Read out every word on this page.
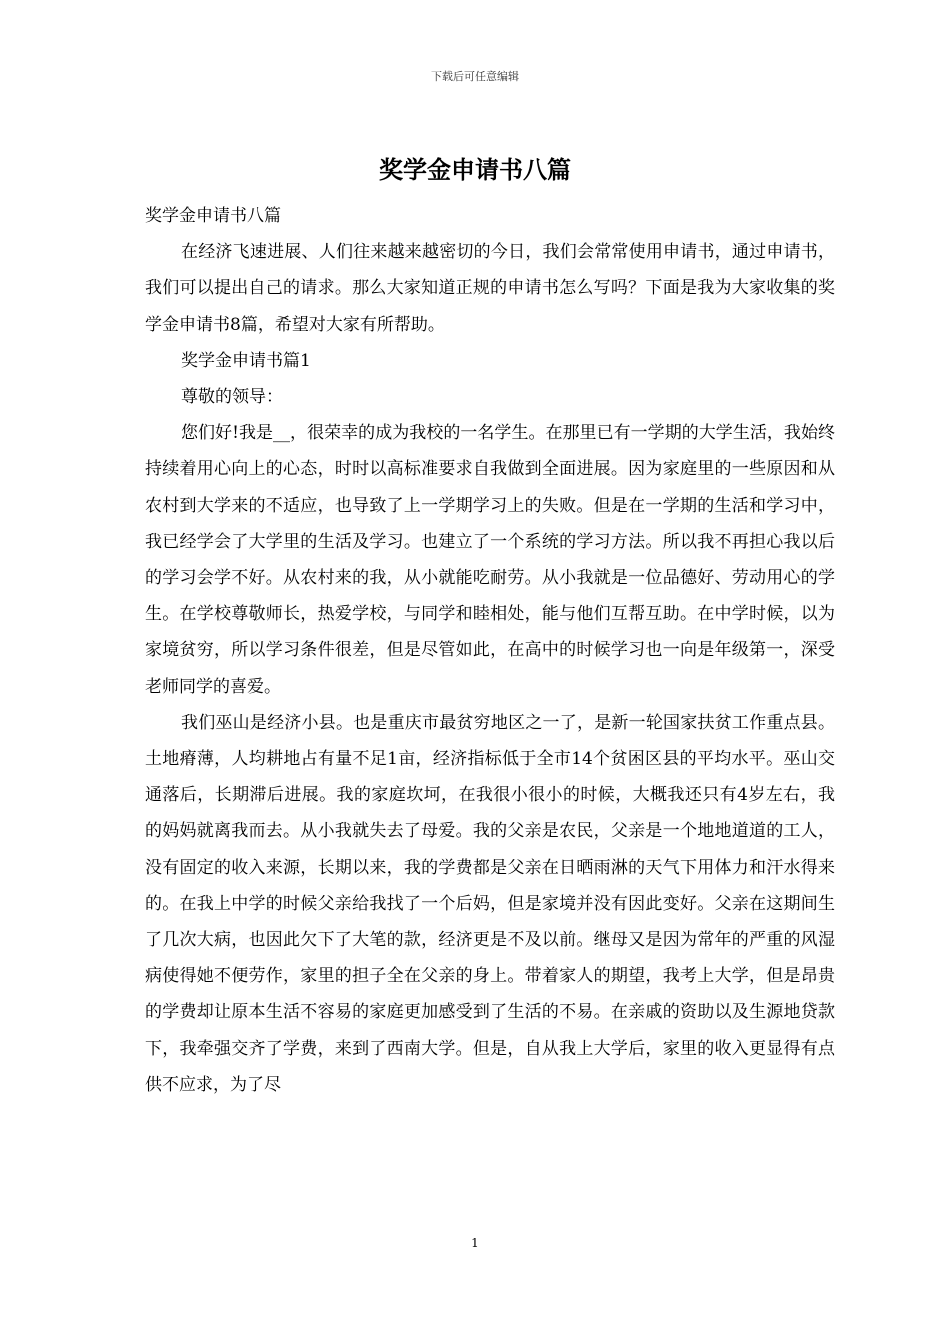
下载后可任意编辑
奖学金申请书八篇

奖学金申请书八篇

在经济飞速进展、人们往来越来越密切的今日，我们会常常使用申请书，通过申请书，我们可以提出自己的请求。那么大家知道正规的申请书怎么写吗？下面是我为大家收集的奖学金申请书8篇，希望对大家有所帮助。

奖学金申请书篇1

尊敬的领导：

您们好!我是__，很荣幸的成为我校的一名学生。在那里已有一学期的大学生活，我始终持续着用心向上的心态，时时以高标准要求自我做到全面进展。因为家庭里的一些原因和从农村到大学来的不适应，也导致了上一学期学习上的失败。但是在一学期的生活和学习中，我已经学会了大学里的生活及学习。也建立了一个系统的学习方法。所以我不再担心我以后的学习会学不好。从农村来的我，从小就能吃耐劳。从小我就是一位品德好、劳动用心的学生。在学校尊敬师长，热爱学校，与同学和睦相处，能与他们互帮互助。在中学时候，以为家境贫穷，所以学习条件很差，但是尽管如此，在高中的时候学习也一向是年级第一，深受老师同学的喜爱。

我们巫山是经济小县。也是重庆市最贫穷地区之一了，是新一轮国家扶贫工作重点县。土地瘠薄，人均耕地占有量不足1亩，经济指标低于全市14个贫困区县的平均水平。巫山交通落后，长期滞后进展。我的家庭坎坷，在我很小很小的时候，大概我还只有4岁左右，我的妈妈就离我而去。从小我就失去了母爱。我的父亲是农民，父亲是一个地地道道的工人，没有固定的收入来源，长期以来，我的学费都是父亲在日晒雨淋的天气下用体力和汗水得来的。在我上中学的时候父亲给我找了一个后妈，但是家境并没有因此变好。父亲在这期间生了几次大病，也因此欠下了大笔的款，经济更是不及以前。继母又是因为常年的严重的风湿病使得她不便劳作，家里的担子全在父亲的身上。带着家人的期望，我考上大学，但是昂贵的学费却让原本生活不容易的家庭更加感受到了生活的不易。在亲戚的资助以及生源地贷款下，我牵强交齐了学费，来到了西南大学。但是，自从我上大学后，家里的收入更显得有点供不应求，为了尽

1
